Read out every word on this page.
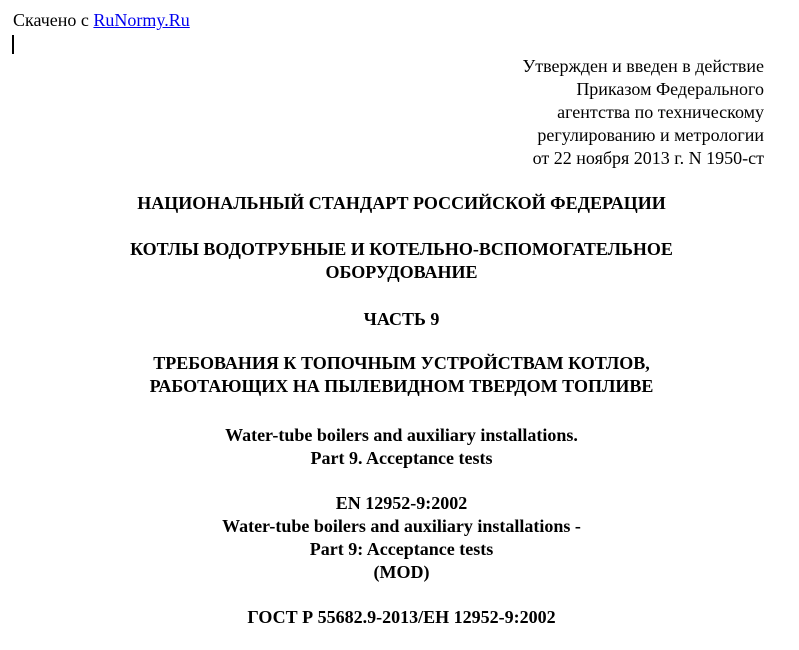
Скачено с RuNormy.Ru
Утвержден и введен в действие
Приказом Федерального
агентства по техническому
регулированию и метрологии
от 22 ноября 2013 г. N 1950-ст
НАЦИОНАЛЬНЫЙ СТАНДАРТ РОССИЙСКОЙ ФЕДЕРАЦИИ
КОТЛЫ ВОДОТРУБНЫЕ И КОТЕЛЬНО-ВСПОМОГАТЕЛЬНОЕ
ОБОРУДОВАНИЕ
ЧАСТЬ 9
ТРЕБОВАНИЯ К ТОПОЧНЫМ УСТРОЙСТВАМ КОТЛОВ,
РАБОТАЮЩИХ НА ПЫЛЕВИДНОМ ТВЕРДОМ ТОПЛИВЕ
Water-tube boilers and auxiliary installations.
Part 9. Acceptance tests
EN 12952-9:2002
Water-tube boilers and auxiliary installations -
Part 9: Acceptance tests
(MOD)
ГОСТ Р 55682.9-2013/ЕН 12952-9:2002
